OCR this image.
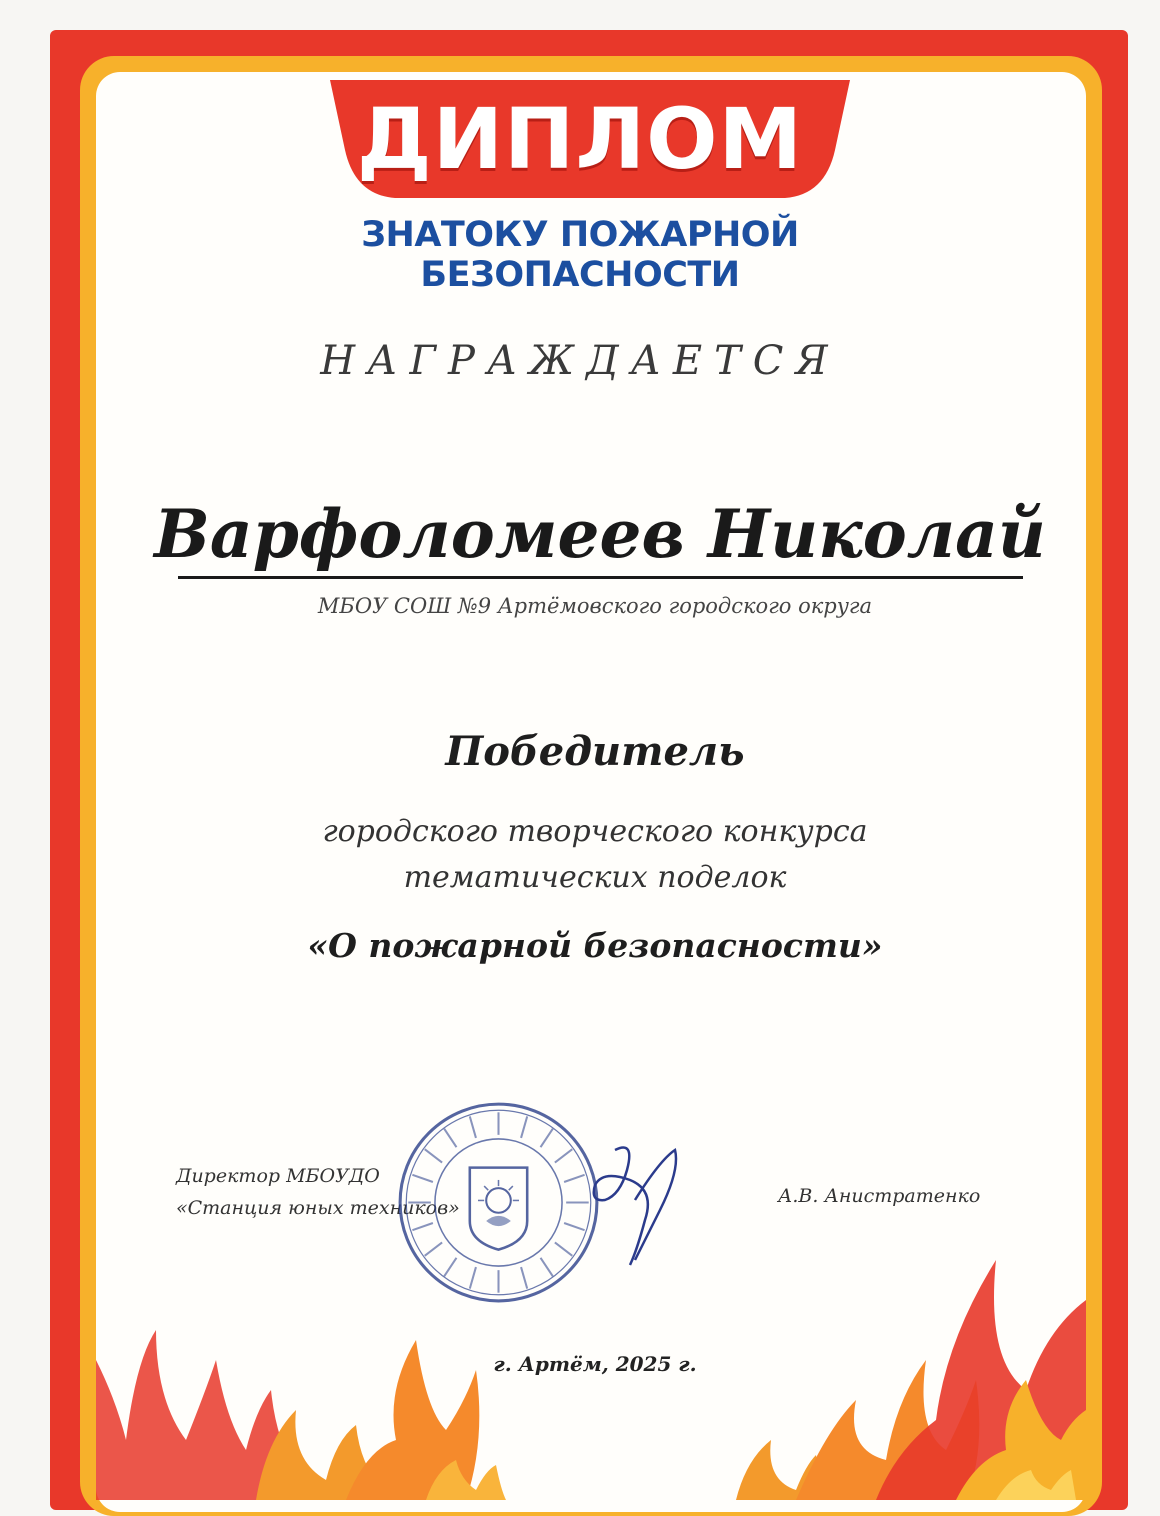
ДИПЛОМ
ЗНАТОКУ ПОЖАРНОЙ
БЕЗОПАСНОСТИ
НАГРАЖДАЕТСЯ
Варфоломеев Николай
МБОУ СОШ №9 Артёмовского городского округа
Победитель
городского творческого конкурса
тематических поделок
«О пожарной безопасности»
Директор МБОУДО
«Станция юных техников»
А.В. Анистратенко
г. Артём, 2025 г.
